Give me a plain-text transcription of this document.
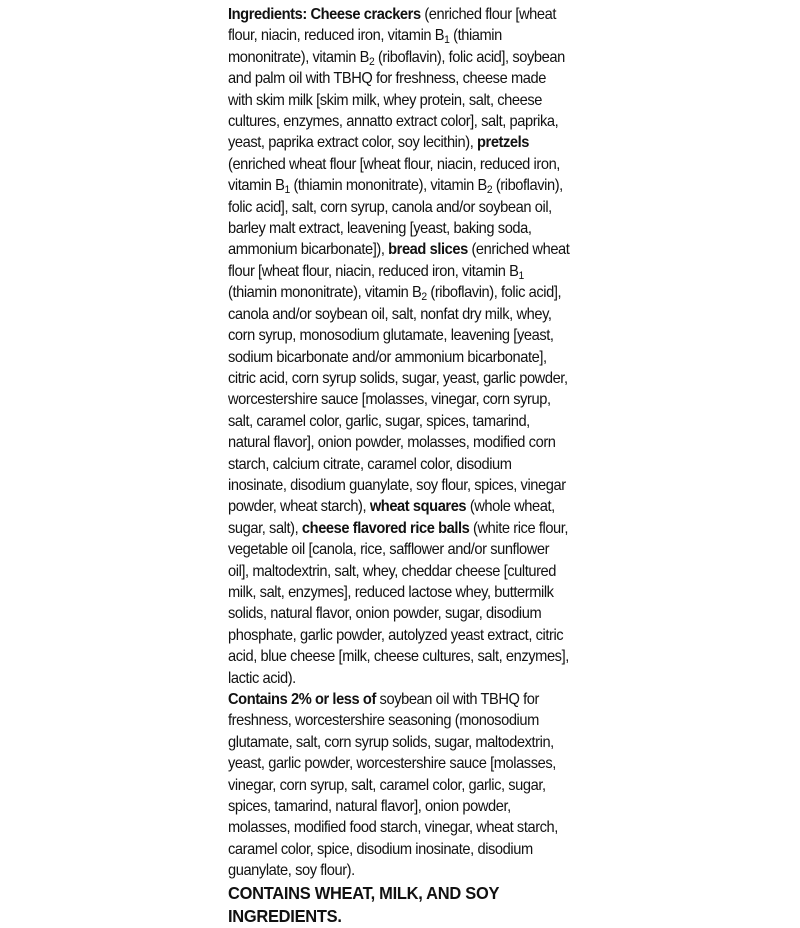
Ingredients: Cheese crackers (enriched flour [wheat flour, niacin, reduced iron, vitamin $B_1$ (thiamin mononitrate), vitamin $B_2$ (riboflavin), folic acid], soybean and palm oil with TBHQ for freshness, cheese made with skim milk [skim milk, whey protein, salt, cheese cultures, enzymes, annatto extract color], salt, paprika, yeast, paprika extract color, soy lecithin), pretzels (enriched wheat flour [wheat flour, niacin, reduced iron, vitamin $B_1$ (thiamin mononitrate), vitamin $B_2$ (riboflavin), folic acid], salt, corn syrup, canola and/or soybean oil, barley malt extract, leavening [yeast, baking soda, ammonium bicarbonate]), bread slices (enriched wheat flour [wheat flour, niacin, reduced iron, vitamin $B_1$ (thiamin mononitrate), vitamin $B_2$ (riboflavin), folic acid], canola and/or soybean oil, salt, nonfat dry milk, whey, corn syrup, monosodium glutamate, leavening [yeast, sodium bicarbonate and/or ammonium bicarbonate], citric acid, corn syrup solids, sugar, yeast, garlic powder, worcestershire sauce [molasses, vinegar, corn syrup, salt, caramel color, garlic, sugar, spices, tamarind, natural flavor], onion powder, molasses, modified corn starch, calcium citrate, caramel color, disodium inosinate, disodium guanylate, soy flour, spices, vinegar powder, wheat starch), wheat squares (whole wheat, sugar, salt), cheese flavored rice balls (white rice flour, vegetable oil [canola, rice, safflower and/or sunflower oil], maltodextrin, salt, whey, cheddar cheese [cultured milk, salt, enzymes], reduced lactose whey, buttermilk solids, natural flavor, onion powder, sugar, disodium phosphate, garlic powder, autolyzed yeast extract, citric acid, blue cheese [milk, cheese cultures, salt, enzymes], lactic acid).

Contains 2% or less of soybean oil with TBHQ for freshness, worcestershire seasoning (monosodium glutamate, salt, corn syrup solids, sugar, maltodextrin, yeast, garlic powder, worcestershire sauce [molasses, vinegar, corn syrup, salt, caramel color, garlic, sugar, spices, tamarind, natural flavor], onion powder, molasses, modified food starch, vinegar, wheat starch, caramel color, spice, disodium inosinate, disodium guanylate, soy flour).

CONTAINS WHEAT, MILK, AND SOY INGREDIENTS.
